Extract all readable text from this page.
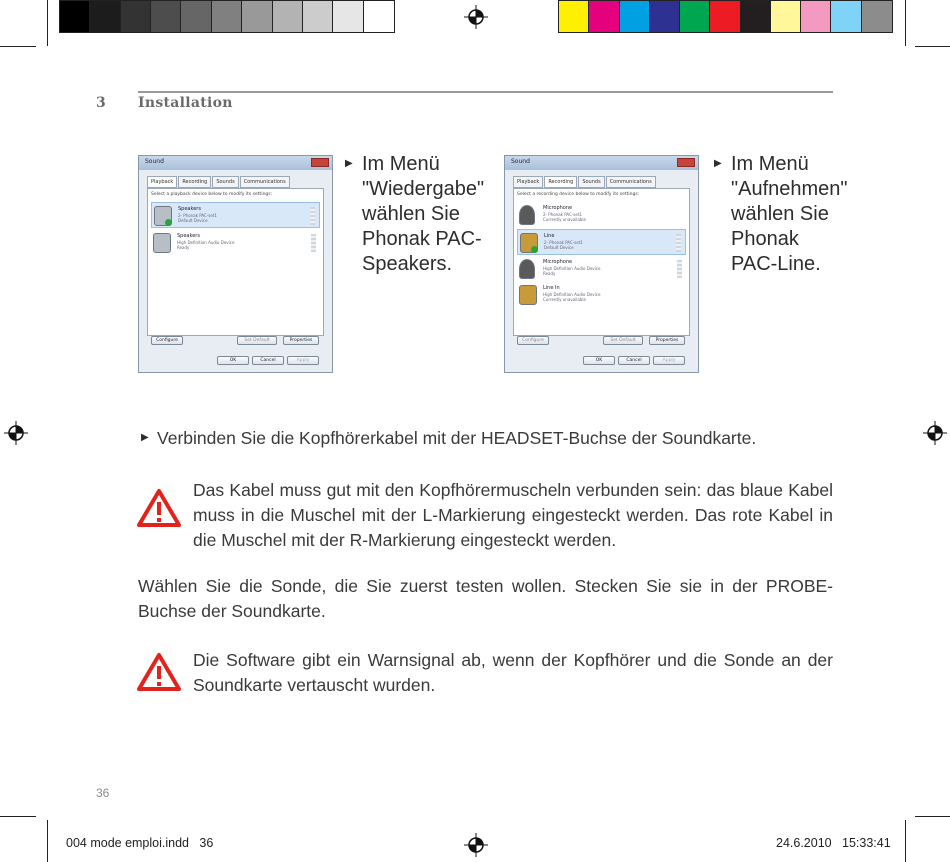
3 Installation
Sound
Playback	Recording	Sounds	Communications
Select a playback device below to modify its settings:
Speakers
2- Phonak PAC-set1
Default Device
Speakers
High Definition Audio Device
Ready
Configure	Set Default	Properties
OK	Cancel	Apply
▶ Im Menü "Wiedergabe" wählen Sie Phonak PAC-Speakers.
Sound
Playback	Recording	Sounds	Communications
Select a recording device below to modify its settings:
Microphone
2- Phonak PAC-set1
Currently unavailable
Line
2- Phonak PAC-set1
Default Device
Microphone
High Definition Audio Device
Ready
Line In
High Definition Audio Device
Currently unavailable
Configure	Set Default	Properties
OK	Cancel	Apply
▶ Im Menü "Aufnehmen" wählen Sie Phonak PAC-Line.
▶ Verbinden Sie die Kopfhörerkabel mit der HEADSET-Buchse der Soundkarte.
Das Kabel muss gut mit den Kopfhörermuscheln verbunden sein: das blaue Kabel muss in die Muschel mit der L-Markierung eingesteckt werden. Das rote Kabel in die Muschel mit der R-Markierung eingesteckt werden.
Wählen Sie die Sonde, die Sie zuerst testen wollen. Stecken Sie sie in der PROBE-Buchse der Soundkarte.
Die Software gibt ein Warnsignal ab, wenn der Kopfhörer und die Sonde an der Soundkarte vertauscht wurden.
36
004 mode emploi.indd   36	24.6.2010   15:33:41
